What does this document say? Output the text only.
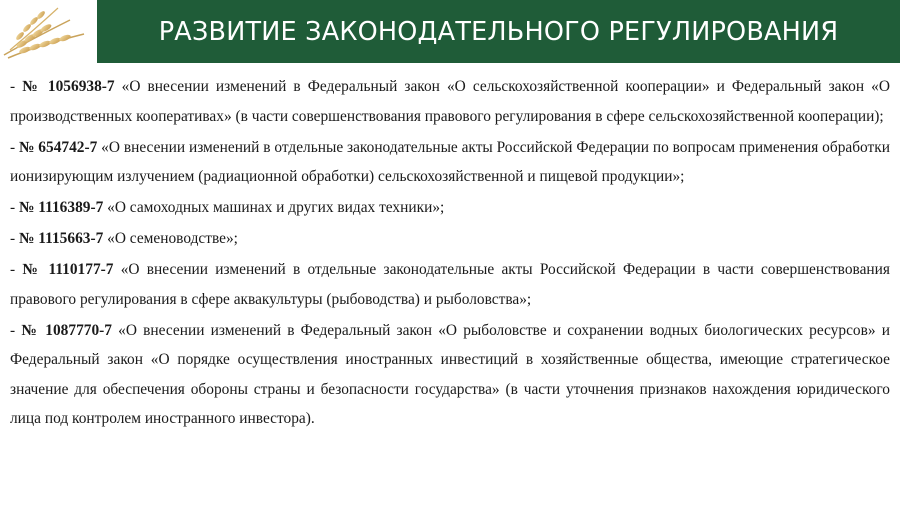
РАЗВИТИЕ ЗАКОНОДАТЕЛЬНОГО РЕГУЛИРОВАНИЯ

- № 1056938-7 «О внесении изменений в Федеральный закон «О сельскохозяйственной кооперации» и Федеральный закон «О производственных кооперативах» (в части совершенствования правового регулирования в сфере сельскохозяйственной кооперации);

- № 654742-7 «О внесении изменений в отдельные законодательные акты Российской Федерации по вопросам применения обработки ионизирующим излучением (радиационной обработки) сельскохозяйственной и пищевой продукции»;

- № 1116389-7 «О самоходных машинах и других видах техники»;

- № 1115663-7 «О семеноводстве»;

- № 1110177-7 «О внесении изменений в отдельные законодательные акты Российской Федерации в части совершенствования правового регулирования в сфере аквакультуры (рыбоводства) и рыболовства»;

- № 1087770-7 «О внесении изменений в Федеральный закон «О рыболовстве и сохранении водных биологических ресурсов» и Федеральный закон «О порядке осуществления иностранных инвестиций в хозяйственные общества, имеющие стратегическое значение для обеспечения обороны страны и безопасности государства» (в части уточнения признаков нахождения юридического лица под контролем иностранного инвестора).
